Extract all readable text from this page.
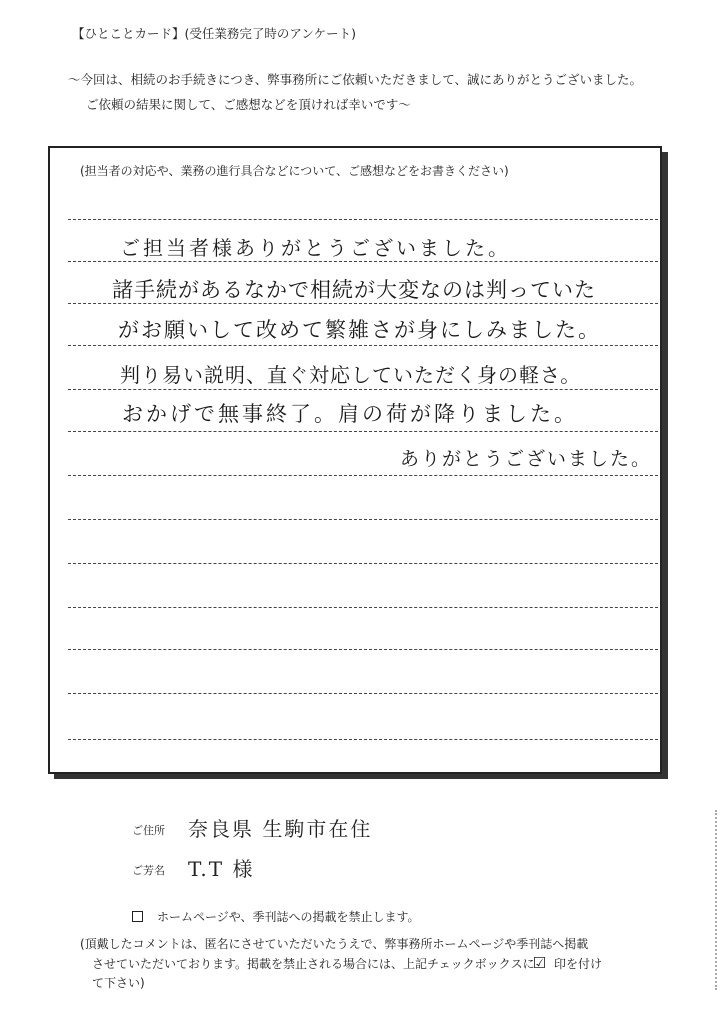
【ひとことカード】(受任業務完了時のアンケート)
〜今回は、相続のお手続きにつき、弊事務所にご依頼いただきまして、誠にありがとうございました。
ご依頼の結果に関して、ご感想などを頂ければ幸いです〜
(担当者の対応や、業務の進行具合などについて、ご感想などをお書きください)
ご担当者様ありがとうございました。
諸手続があるなかで相続が大変なのは判っていた
がお願いして改めて繁雑さが身にしみました。
判り易い説明、直ぐ対応していただく身の軽さ。
おかげで無事終了。肩の荷が降りました。
ありがとうございました。
ご住所 奈良県 生駒市在住
ご芳名 T.T 様
ホームページや、季刊誌への掲載を禁止します。
(頂戴したコメントは、匿名にさせていただいたうえで、弊事務所ホームページや季刊誌へ掲載
させていただいております。掲載を禁止される場合には、上記チェックボックスに☑ 印を付け
て下さい)
